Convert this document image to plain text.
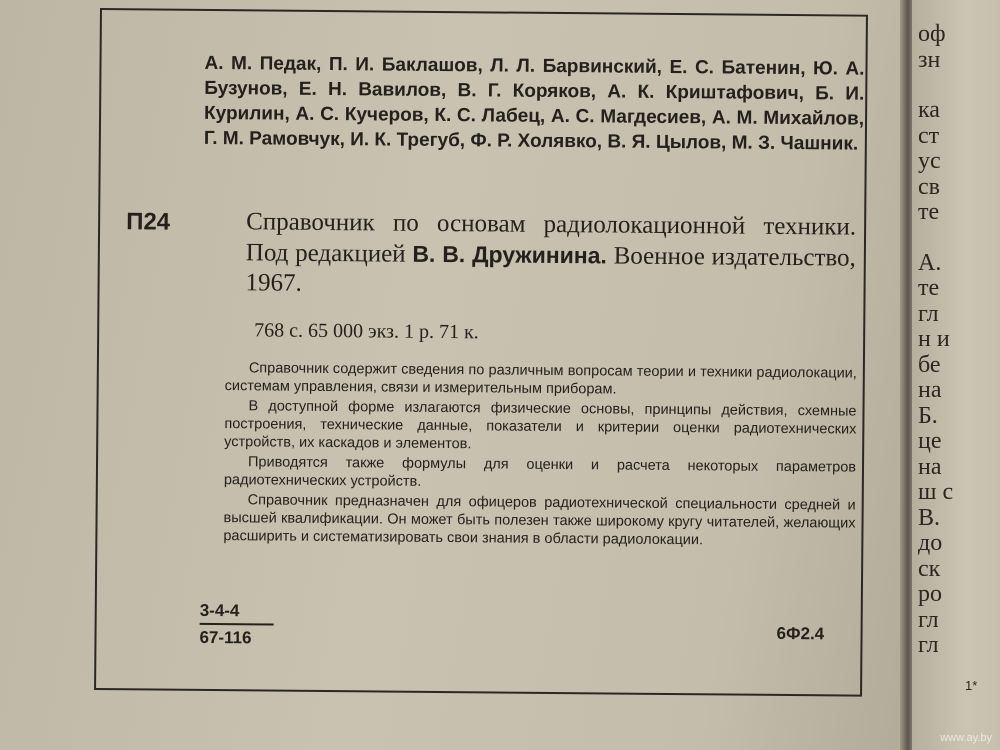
А. М. Педак, П. И. Баклашов, Л. Л. Барвинский, Е. С. Батенин, Ю. А. Бузунов, Е. Н. Вавилов, В. Г. Коряков, А. К. Криштафович, Б. И. Курилин, А. С. Кучеров, К. С. Лабец, А. С. Магдесиев, А. М. Михайлов, Г. М. Рамовчук, И. К. Трегуб, Ф. Р. Холявко, В. Я. Цылов, М. З. Чашник.
П24	Справочник по основам радиолокационной техники. Под редакцией В. В. Дружинина. Военное издательство, 1967.
768 с. 65 000 экз. 1 р. 71 к.

Справочник содержит сведения по различным вопросам теории и техники радиолокации, системам управления, связи и измерительным приборам.

В доступной форме излагаются физические основы, принципы действия, схемные построения, технические данные, показатели и критерии оценки радиотехнических устройств, их каскадов и элементов.

Приводятся также формулы для оценки и расчета некоторых параметров радиотехнических устройств.

Справочник предназначен для офицеров радиотехнической специальности средней и высшей квалификации. Он может быть полезен также широкому кругу читателей, желающих расширить и систематизировать свои знания в области радиолокации.

3-4-4
67-116	6Ф2.4
оф
зн
ка
ст
ус
св
те
А.
те
гл
н и
бе
на
Б.
це
на
ш с
В.
до
ск
ро
гл
гл
1*
www.ay.by
